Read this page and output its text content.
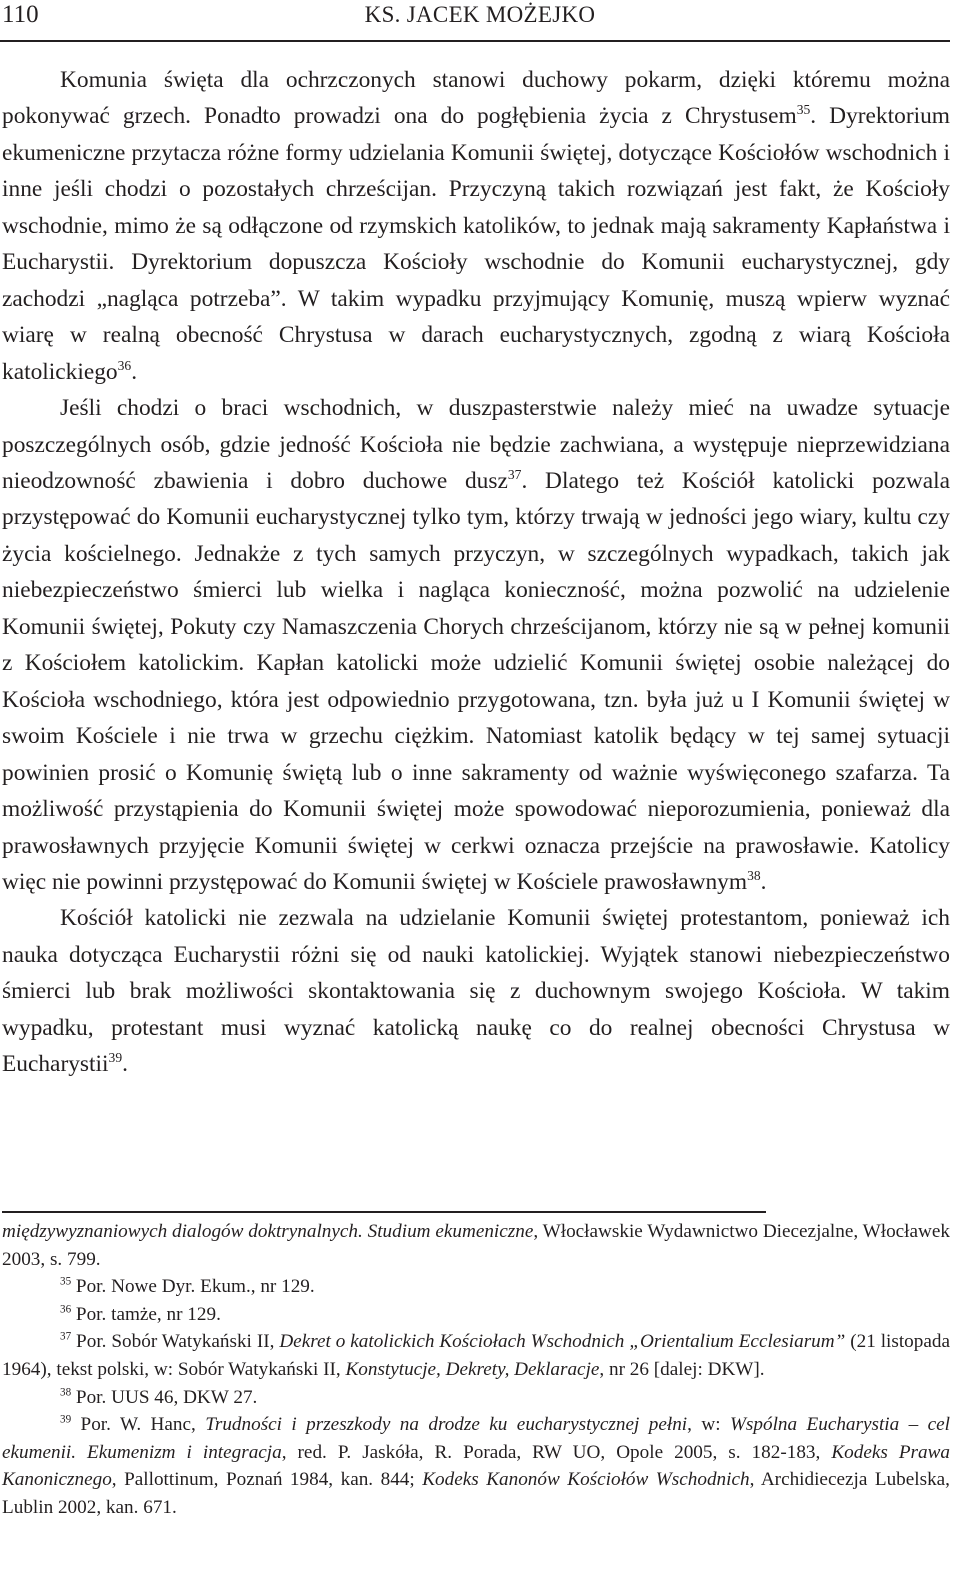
110	KS. JACEK MOŻEJKO

Komunia święta dla ochrzczonych stanowi duchowy pokarm, dzięki któremu można pokonywać grzech. Ponadto prowadzi ona do pogłębienia życia z Chrystusem$^{35}$. Dyrektorium ekumeniczne przytacza różne formy udzielania Komunii świętej, dotyczące Kościołów wschodnich i inne jeśli chodzi o pozostałych chrześcijan. Przyczyną takich rozwiązań jest fakt, że Kościoły wschodnie, mimo że są odłączone od rzymskich katolików, to jednak mają sakramenty Kapłaństwa i Eucharystii. Dyrektorium dopuszcza Kościoły wschodnie do Komunii eucharystycznej, gdy zachodzi „nagląca potrzeba”. W takim wypadku przyjmujący Komunię, muszą wpierw wyznać wiarę w realną obecność Chrystusa w darach eucharystycznych, zgodną z wiarą Kościoła katolickiego$^{36}$.

Jeśli chodzi o braci wschodnich, w duszpasterstwie należy mieć na uwadze sytuacje poszczególnych osób, gdzie jedność Kościoła nie będzie zachwiana, a występuje nieprzewidziana nieodzowność zbawienia i dobro duchowe dusz$^{37}$. Dlatego też Kościół katolicki pozwala przystępować do Komunii eucharystycznej tylko tym, którzy trwają w jedności jego wiary, kultu czy życia kościelnego. Jednakże z tych samych przyczyn, w szczególnych wypadkach, takich jak niebezpieczeństwo śmierci lub wielka i nagląca konieczność, można pozwolić na udzielenie Komunii świętej, Pokuty czy Namaszczenia Chorych chrześcijanom, którzy nie są w pełnej komunii z Kościołem katolickim. Kapłan katolicki może udzielić Komunii świętej osobie należącej do Kościoła wschodniego, która jest odpowiednio przygotowana, tzn. była już u I Komunii świętej w swoim Kościele i nie trwa w grzechu ciężkim. Natomiast katolik będący w tej samej sytuacji powinien prosić o Komunię świętą lub o inne sakramenty od ważnie wyświęconego szafarza. Ta możliwość przystąpienia do Komunii świętej może spowodować nieporozumienia, ponieważ dla prawosławnych przyjęcie Komunii świętej w cerkwi oznacza przejście na prawosławie. Katolicy więc nie powinni przystępować do Komunii świętej w Kościele prawosławnym$^{38}$.

Kościół katolicki nie zezwala na udzielanie Komunii świętej protestantom, ponieważ ich nauka dotycząca Eucharystii różni się od nauki katolickiej. Wyjątek stanowi niebezpieczeństwo śmierci lub brak możliwości skontaktowania się z duchownym swojego Kościoła. W takim wypadku, protestant musi wyznać katolicką naukę co do realnej obecności Chrystusa w Eucharystii$^{39}$.

międzywyznaniowych dialogów doktrynalnych. Studium ekumeniczne, Włocławskie Wydawnictwo Diecezjalne, Włocławek 2003, s. 799.

$^{35}$ Por. Nowe Dyr. Ekum., nr 129.

$^{36}$ Por. tamże, nr 129.

$^{37}$ Por. Sobór Watykański II, Dekret o katolickich Kościołach Wschodnich „Orientalium Ecclesiarum” (21 listopada 1964), tekst polski, w: Sobór Watykański II, Konstytucje, Dekrety, Deklaracje, nr 26 [dalej: DKW].

$^{38}$ Por. UUS 46, DKW 27.

$^{39}$ Por. W. Hanc, Trudności i przeszkody na drodze ku eucharystycznej pełni, w: Wspólna Eucharystia – cel ekumenii. Ekumenizm i integracja, red. P. Jaskóła, R. Porada, RW UO, Opole 2005, s. 182-183, Kodeks Prawa Kanonicznego, Pallottinum, Poznań 1984, kan. 844; Kodeks Kanonów Kościołów Wschodnich, Archidiecezja Lubelska, Lublin 2002, kan. 671.
